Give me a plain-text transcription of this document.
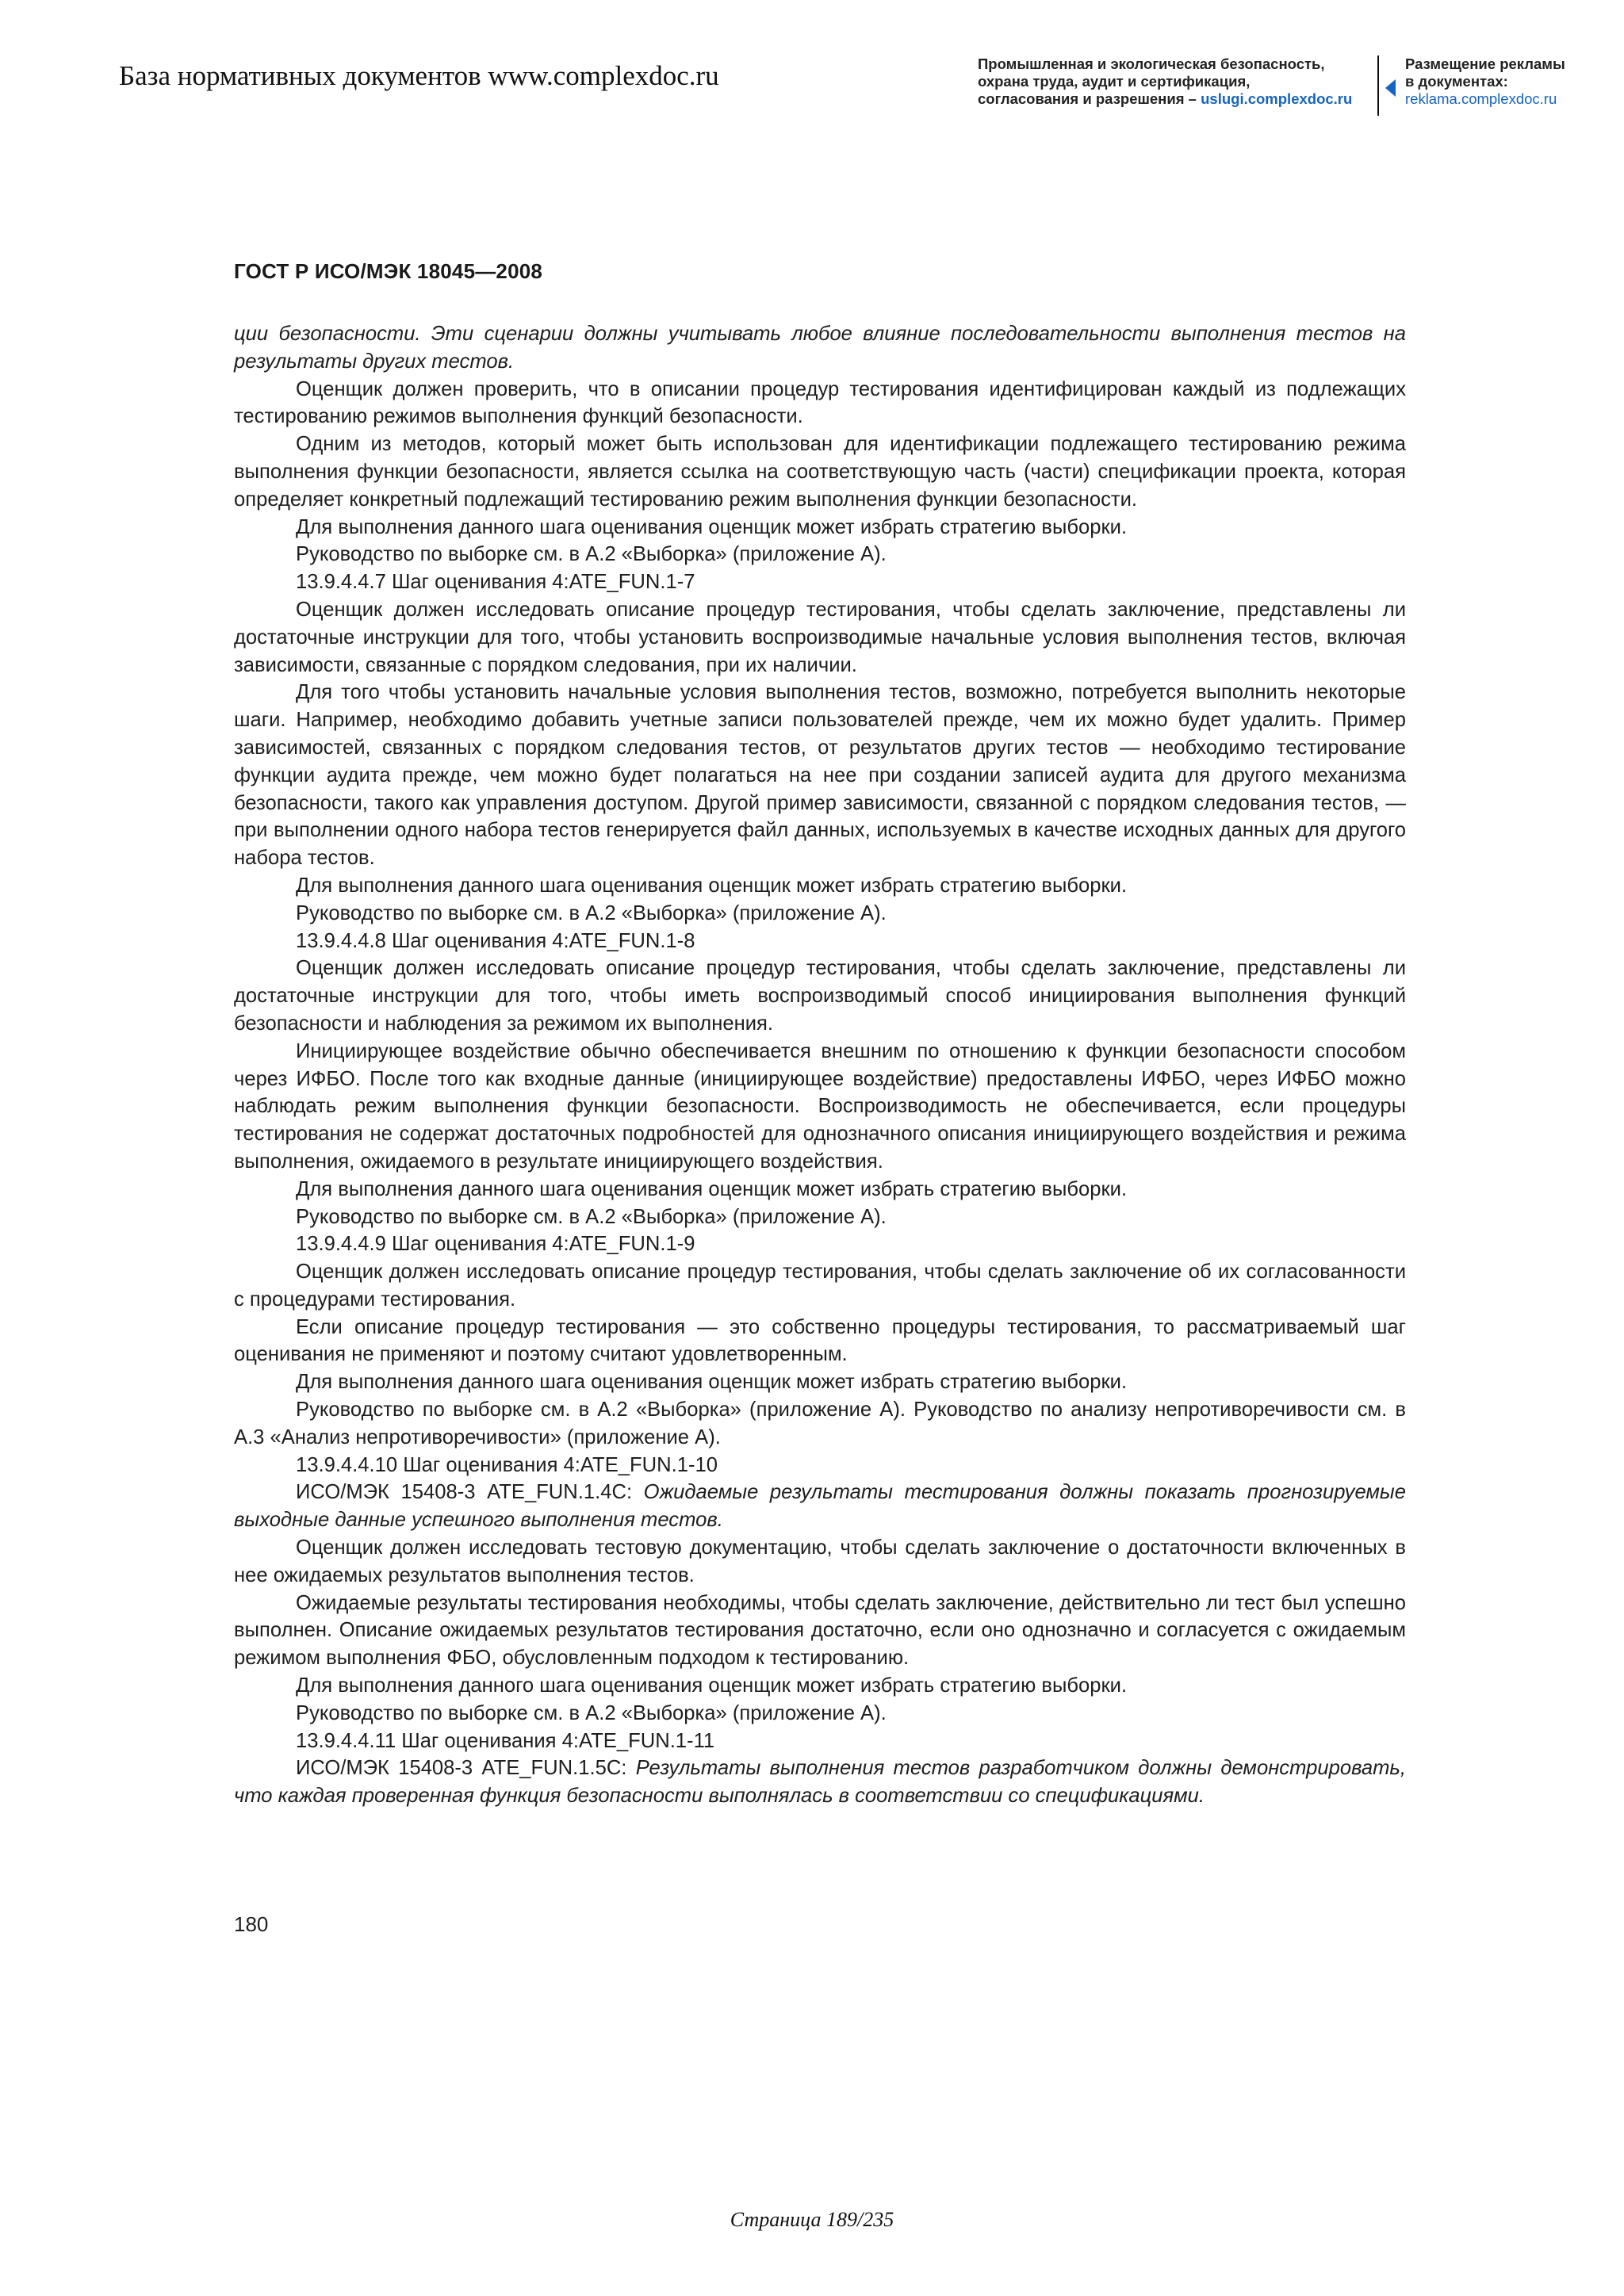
База нормативных документов www.complexdoc.ru	Промышленная и экологическая безопасность,
охрана труда, аудит и сертификация,
согласования и разрешения – uslugi.complexdoc.ru
Размещение рекламы
в документах:
reklama.complexdoc.ru
ГОСТ Р ИСО/МЭК 18045—2008

ции безопасности. Эти сценарии должны учитывать любое влияние последовательности выполнения тестов на результаты других тестов.

Оценщик должен проверить, что в описании процедур тестирования идентифицирован каждый из подлежащих тестированию режимов выполнения функций безопасности.

Одним из методов, который может быть использован для идентификации подлежащего тестированию режима выполнения функции безопасности, является ссылка на соответствующую часть (части) спецификации проекта, которая определяет конкретный подлежащий тестированию режим выполнения функции безопасности.

Для выполнения данного шага оценивания оценщик может избрать стратегию выборки.

Руководство по выборке см. в А.2 «Выборка» (приложение А).

13.9.4.4.7 Шаг оценивания 4:ATE_FUN.1-7

Оценщик должен исследовать описание процедур тестирования, чтобы сделать заключение, представлены ли достаточные инструкции для того, чтобы установить воспроизводимые начальные условия выполнения тестов, включая зависимости, связанные с порядком следования, при их наличии.

Для того чтобы установить начальные условия выполнения тестов, возможно, потребуется выполнить некоторые шаги. Например, необходимо добавить учетные записи пользователей прежде, чем их можно будет удалить. Пример зависимостей, связанных с порядком следования тестов, от результатов других тестов — необходимо тестирование функции аудита прежде, чем можно будет полагаться на нее при создании записей аудита для другого механизма безопасности, такого как управления доступом. Другой пример зависимости, связанной с порядком следования тестов, — при выполнении одного набора тестов генерируется файл данных, используемых в качестве исходных данных для другого набора тестов.

Для выполнения данного шага оценивания оценщик может избрать стратегию выборки.

Руководство по выборке см. в А.2 «Выборка» (приложение А).

13.9.4.4.8 Шаг оценивания 4:ATE_FUN.1-8

Оценщик должен исследовать описание процедур тестирования, чтобы сделать заключение, представлены ли достаточные инструкции для того, чтобы иметь воспроизводимый способ инициирования выполнения функций безопасности и наблюдения за режимом их выполнения.

Инициирующее воздействие обычно обеспечивается внешним по отношению к функции безопасности способом через ИФБО. После того как входные данные (инициирующее воздействие) предоставлены ИФБО, через ИФБО можно наблюдать режим выполнения функции безопасности. Воспроизводимость не обеспечивается, если процедуры тестирования не содержат достаточных подробностей для однозначного описания инициирующего воздействия и режима выполнения, ожидаемого в результате инициирующего воздействия.

Для выполнения данного шага оценивания оценщик может избрать стратегию выборки.

Руководство по выборке см. в А.2 «Выборка» (приложение А).

13.9.4.4.9 Шаг оценивания 4:ATE_FUN.1-9

Оценщик должен исследовать описание процедур тестирования, чтобы сделать заключение об их согласованности с процедурами тестирования.

Если описание процедур тестирования — это собственно процедуры тестирования, то рассматриваемый шаг оценивания не применяют и поэтому считают удовлетворенным.

Для выполнения данного шага оценивания оценщик может избрать стратегию выборки.

Руководство по выборке см. в А.2 «Выборка» (приложение А). Руководство по анализу непротиворечивости см. в А.3 «Анализ непротиворечивости» (приложение А).

13.9.4.4.10 Шаг оценивания 4:ATE_FUN.1-10

ИСО/МЭК 15408-3 ATE_FUN.1.4С: Ожидаемые результаты тестирования должны показать прогнозируемые выходные данные успешного выполнения тестов.

Оценщик должен исследовать тестовую документацию, чтобы сделать заключение о достаточности включенных в нее ожидаемых результатов выполнения тестов.

Ожидаемые результаты тестирования необходимы, чтобы сделать заключение, действительно ли тест был успешно выполнен. Описание ожидаемых результатов тестирования достаточно, если оно однозначно и согласуется с ожидаемым режимом выполнения ФБО, обусловленным подходом к тестированию.

Для выполнения данного шага оценивания оценщик может избрать стратегию выборки.

Руководство по выборке см. в А.2 «Выборка» (приложение А).

13.9.4.4.11 Шаг оценивания 4:ATE_FUN.1-11

ИСО/МЭК 15408-3 ATE_FUN.1.5С: Результаты выполнения тестов разработчиком должны демонстрировать, что каждая проверенная функция безопасности выполнялась в соответствии со спецификациями.

180
Страница 189/235
